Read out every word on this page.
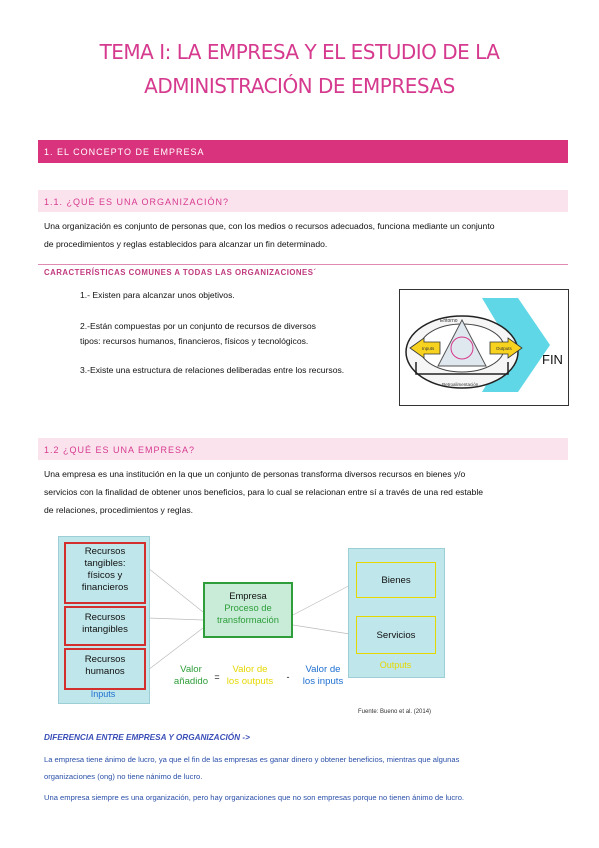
TEMA I: LA EMPRESA Y EL ESTUDIO DE LA
ADMINISTRACIÓN DE EMPRESAS
1. EL CONCEPTO DE EMPRESA
1.1. ¿QUÉ ES UNA ORGANIZACIÓN?
Una organización es conjunto de personas que, con los medios o recursos adecuados, funciona mediante un conjunto
de procedimientos y reglas establecidos para alcanzar un fin determinado.
CARACTERÍSTICAS COMUNES A TODAS LAS ORGANIZACIONES´
1.- Existen para alcanzar unos objetivos.
2.-Están compuestas por un conjunto de recursos de diversos
tipos: recursos humanos, financieros, físicos y tecnológicos.
3.-Existe una estructura de relaciones deliberadas entre los recursos.
Entorno
Inputs	Outputs
Retroalimentación
FIN
1.2 ¿QUÉ ES UNA EMPRESA?
Una empresa es una institución en la que un conjunto de personas transforma diversos recursos en bienes y/o
servicios con la finalidad de obtener unos beneficios, para lo cual se relacionan entre sí a través de una red estable
de relaciones, procedimientos y reglas.
Recursos
tangibles:
físicos y
financieros
Recursos
intangibles
Recursos
humanos
Inputs
Empresa
Proceso de
transformación
Bienes
Servicios
Outputs
Valor
añadido =
Valor de
los outputs	-
Valor de
los inputs
Fuente: Bueno et al. (2014)
DIFERENCIA ENTRE EMPRESA Y ORGANIZACIÓN ->
La empresa tiene ánimo de lucro, ya que el fin de las empresas es ganar dinero y obtener beneficios, mientras que algunas
organizaciones (ong) no tiene nánimo de lucro.
Una empresa siempre es una organización, pero hay organizaciones que no son empresas porque no tienen ánimo de lucro.
